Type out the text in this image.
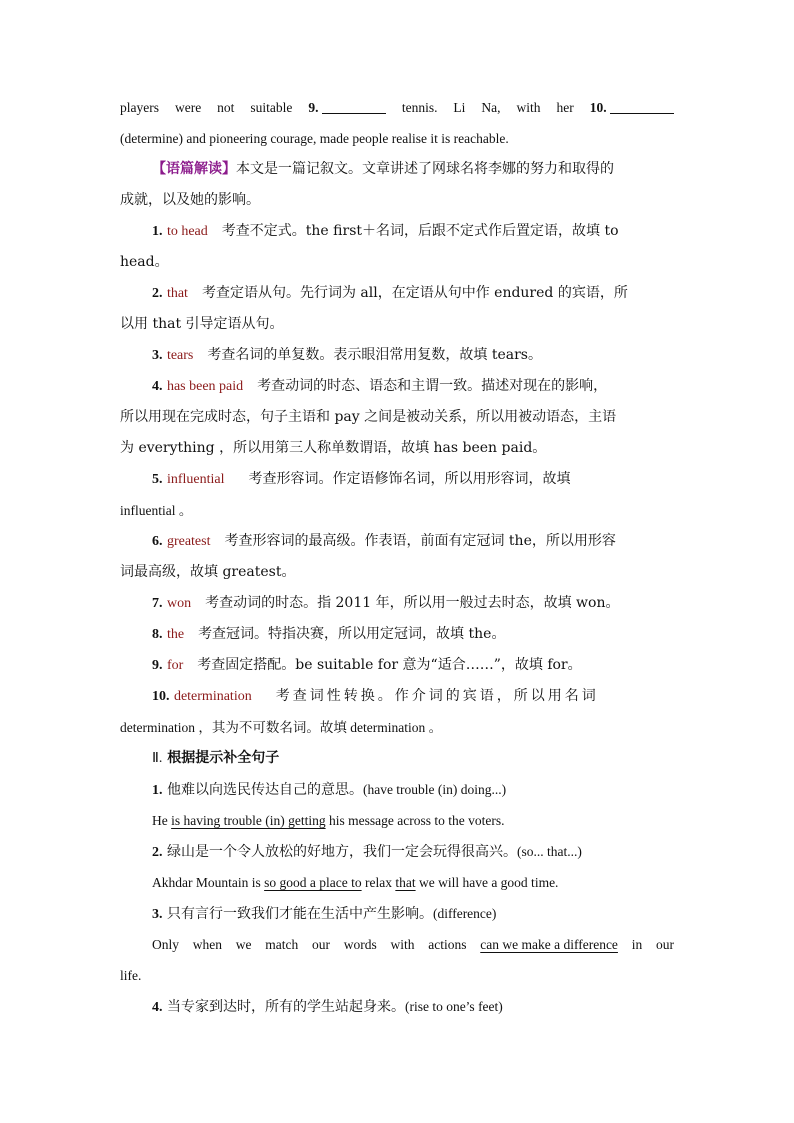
players were not suitable 9.	tennis. Li Na, with her 10.
(determine) and pioneering courage, made people realise it is reachable.
【语篇解读】本文是一篇记叙文。文章讲述了网球名将李娜的努力和取得的
成就，以及她的影响。
1. to head 考查不定式。the first＋名词，后跟不定式作后置定语，故填 to
head。
2. that 考查定语从句。先行词为 all，在定语从句中作 endured 的宾语，所
以用 that 引导定语从句。
3. tears 考查名词的单复数。表示眼泪常用复数，故填 tears。
4. has been paid 考查动词的时态、语态和主谓一致。描述对现在的影响，
所以用现在完成时态，句子主语和 pay 之间是被动关系，所以用被动语态，主语
为 everything ，所以用第三人称单数谓语，故填 has been paid。
5. influential 考查形容词。作定语修饰名词，所以用形容词，故填
influential 。
6. greatest 考查形容词的最高级。作表语，前面有定冠词 the，所以用形容
词最高级，故填 greatest。
7. won 考查动词的时态。指 2011 年，所以用一般过去时态，故填 won。
8. the 考查冠词。特指决赛，所以用定冠词，故填 the。
9. for 考查固定搭配。be suitable for 意为“适合……”，故填 for。
10. determination 考查词性转换。作介词的宾语，所以用名词
determination ，其为不可数名词。故填 determination 。
Ⅱ. 根据提示补全句子
1. 他难以向选民传达自己的意思。(have trouble (in) doing...)
He is having trouble (in) getting his message across to the voters.
2. 绿山是一个令人放松的好地方，我们一定会玩得很高兴。(so... that...)
Akhdar Mountain is so good a place to relax that we will have a good time.
3. 只有言行一致我们才能在生活中产生影响。(difference)
Only when we match our words with actions can we make a difference in our
life.
4. 当专家到达时，所有的学生站起身来。(rise to one’s feet)
